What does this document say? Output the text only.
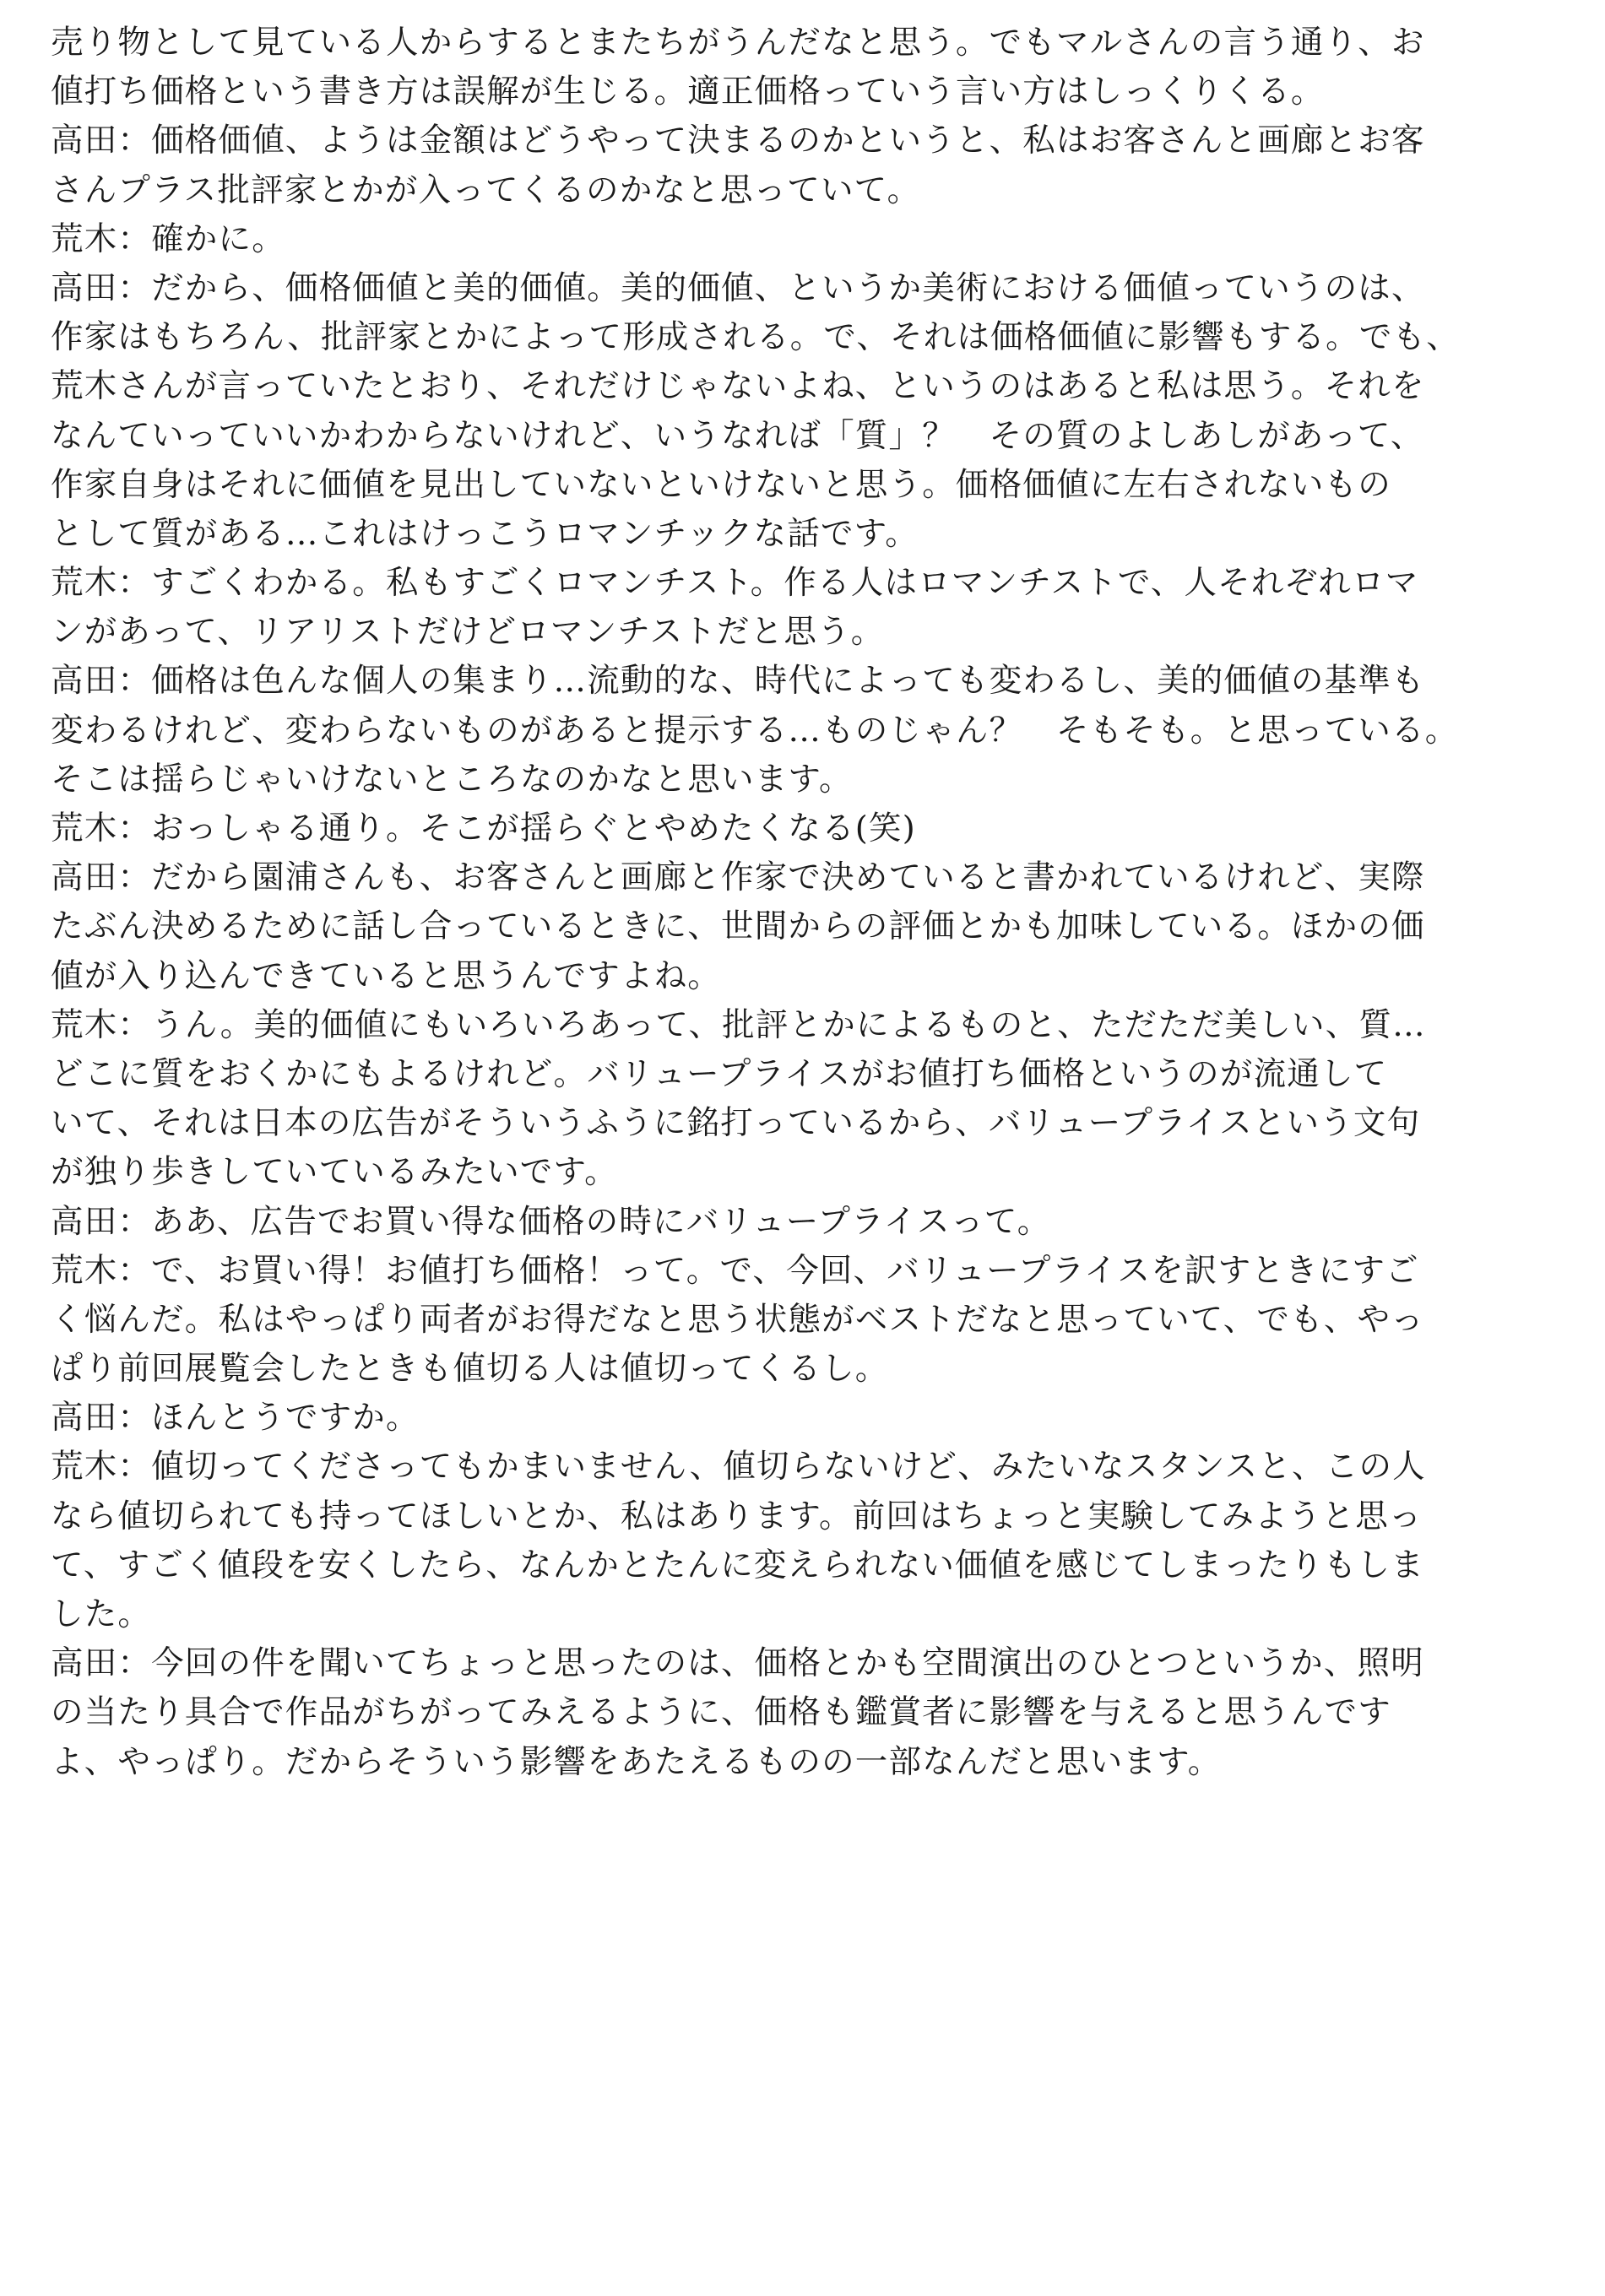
売り物として見ている人からするとまたちがうんだなと思う。でもマルさんの言う通り、お
値打ち価格という書き方は誤解が生じる。適正価格っていう言い方はしっくりくる。
高田：価格価値、ようは金額はどうやって決まるのかというと、私はお客さんと画廊とお客
さんプラス批評家とかが入ってくるのかなと思っていて。
荒木：確かに。
高田：だから、価格価値と美的価値。美的価値、というか美術における価値っていうのは、
作家はもちろん、批評家とかによって形成される。で、それは価格価値に影響もする。でも、
荒木さんが言っていたとおり、それだけじゃないよね、というのはあると私は思う。それを
なんていっていいかわからないけれど、いうなれば「質」？　その質のよしあしがあって、
作家自身はそれに価値を見出していないといけないと思う。価格価値に左右されないもの
として質がある…これはけっこうロマンチックな話です。
荒木：すごくわかる。私もすごくロマンチスト。作る人はロマンチストで、人それぞれロマ
ンがあって、リアリストだけどロマンチストだと思う。
高田：価格は色んな個人の集まり…流動的な、時代によっても変わるし、美的価値の基準も
変わるけれど、変わらないものがあると提示する…ものじゃん？　そもそも。と思っている。
そこは揺らじゃいけないところなのかなと思います。
荒木：おっしゃる通り。そこが揺らぐとやめたくなる(笑)
高田：だから園浦さんも、お客さんと画廊と作家で決めていると書かれているけれど、実際
たぶん決めるために話し合っているときに、世間からの評価とかも加味している。ほかの価
値が入り込んできていると思うんですよね。
荒木：うん。美的価値にもいろいろあって、批評とかによるものと、ただただ美しい、質…
どこに質をおくかにもよるけれど。バリュープライスがお値打ち価格というのが流通して
いて、それは日本の広告がそういうふうに銘打っているから、バリュープライスという文句
が独り歩きしていているみたいです。
高田：ああ、広告でお買い得な価格の時にバリュープライスって。
荒木：で、お買い得！お値打ち価格！って。で、今回、バリュープライスを訳すときにすご
く悩んだ。私はやっぱり両者がお得だなと思う状態がベストだなと思っていて、でも、やっ
ぱり前回展覧会したときも値切る人は値切ってくるし。
高田：ほんとうですか。
荒木：値切ってくださってもかまいません、値切らないけど、みたいなスタンスと、この人
なら値切られても持ってほしいとか、私はあります。前回はちょっと実験してみようと思っ
て、すごく値段を安くしたら、なんかとたんに変えられない価値を感じてしまったりもしま
した。
高田：今回の件を聞いてちょっと思ったのは、価格とかも空間演出のひとつというか、照明
の当たり具合で作品がちがってみえるように、価格も鑑賞者に影響を与えると思うんです
よ、やっぱり。だからそういう影響をあたえるものの一部なんだと思います。
